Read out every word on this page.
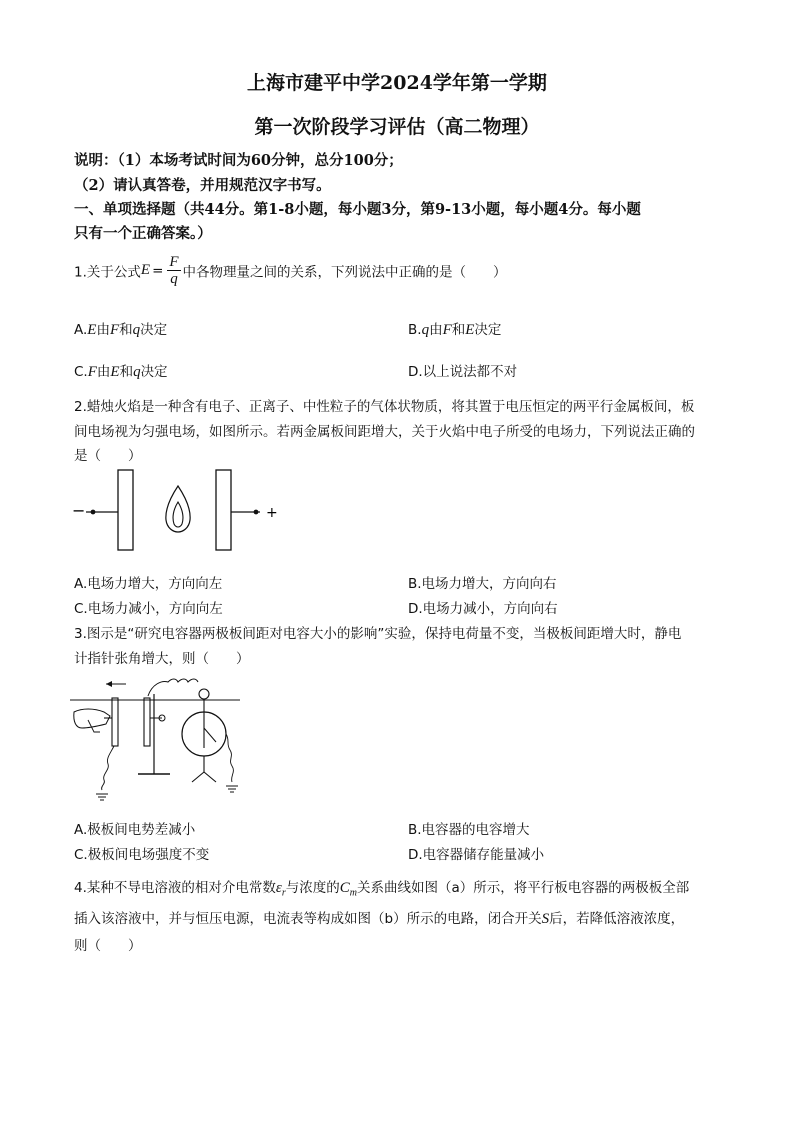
上海市建平中学2024学年第一学期
第一次阶段学习评估（高二物理）
说明：（1）本场考试时间为60分钟，总分100分；
（2）请认真答卷，并用规范汉字书写。
一、单项选择题（共44分。第1-8小题，每小题3分，第9-13小题，每小题4分。每小题
只有一个正确答案。）
1.关于公式$E = \frac{F}{q}$ 中各物理量之间的关系，下列说法中正确的是（　　）
A.E由F和q决定	B.q由F和E决定
C.F由E和q决定	D.以上说法都不对
2.蜡烛火焰是一种含有电子、正离子、中性粒子的气体状物质，将其置于电压恒定的两平行金属板间，板
间电场视为匀强电场，如图所示。若两金属板间距增大，关于火焰中电子所受的电场力，下列说法正确的
是（　　）
−	+
A.电场力增大，方向向左	B.电场力增大，方向向右
C.电场力减小，方向向左	D.电场力减小，方向向右
3.图示是“研究电容器两极板间距对电容大小的影响”实验，保持电荷量不变，当极板间距增大时，静电
计指针张角增大，则（　　）
A.极板间电势差减小	B.电容器的电容增大
C.极板间电场强度不变	D.电容器储存能量减小
4.某种不导电溶液的相对介电常数$\varepsilon_r$与浓度的$C_m$关系曲线如图（a）所示，将平行板电容器的两极板全部
插入该溶液中，并与恒压电源，电流表等构成如图（b）所示的电路，闭合开关S后，若降低溶液浓度，
则（　　）
